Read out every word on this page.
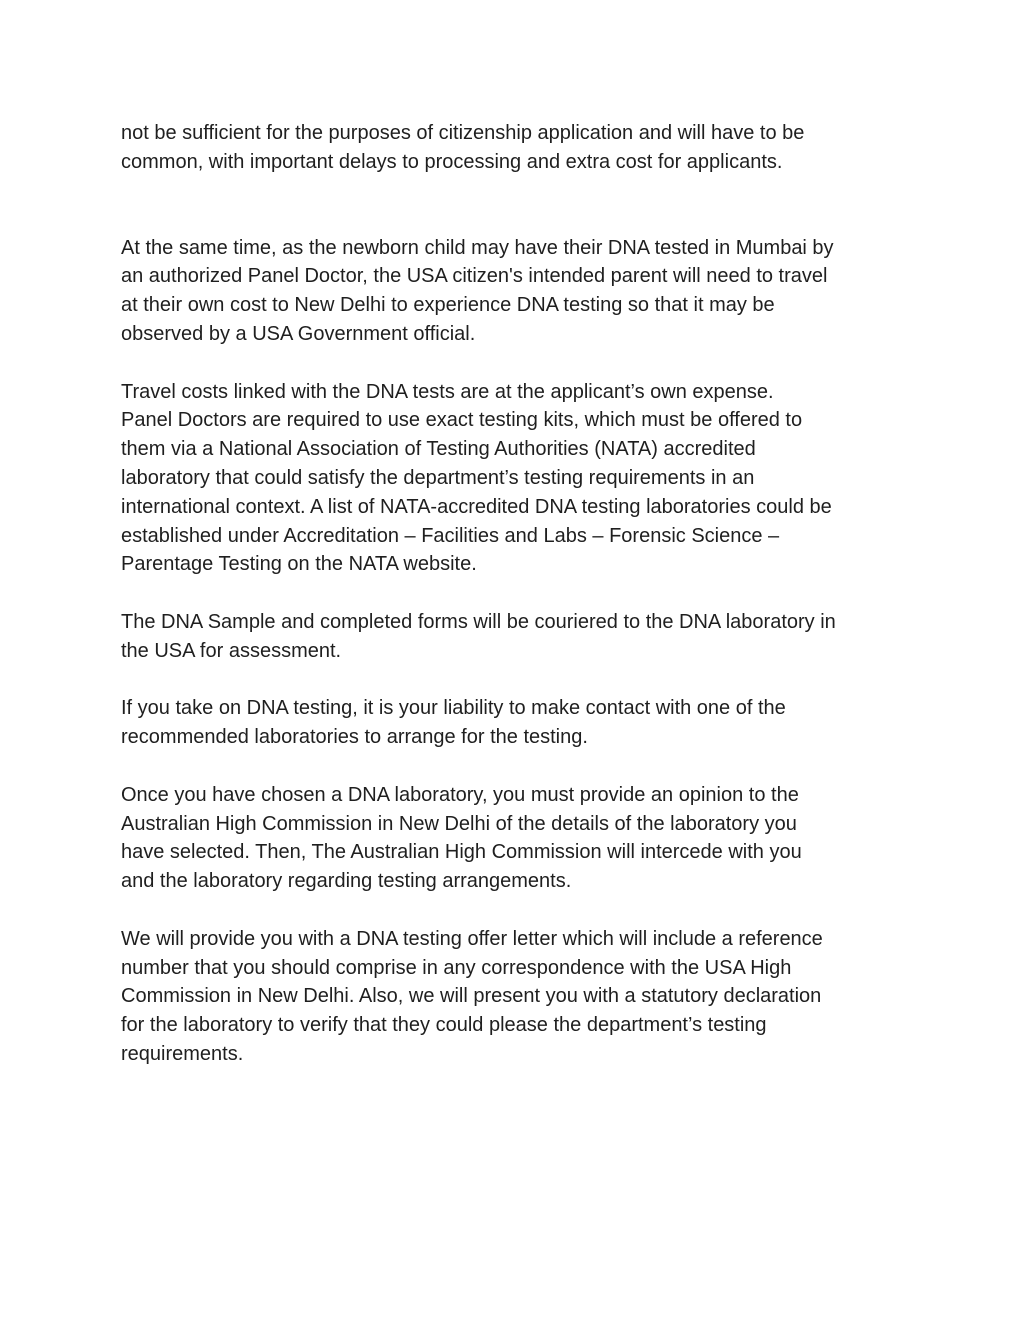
not be sufficient for the purposes of citizenship application and will have to be
common, with important delays to processing and extra cost for applicants.

At the same time, as the newborn child may have their DNA tested in Mumbai by
an authorized Panel Doctor, the USA citizen's intended parent will need to travel
at their own cost to New Delhi to experience DNA testing so that it may be
observed by a USA Government official.

Travel costs linked with the DNA tests are at the applicant’s own expense.
Panel Doctors are required to use exact testing kits, which must be offered to
them via a National Association of Testing Authorities (NATA) accredited
laboratory that could satisfy the department’s testing requirements in an
international context. A list of NATA-accredited DNA testing laboratories could be
established under Accreditation – Facilities and Labs – Forensic Science –
Parentage Testing on the NATA website.

The DNA Sample and completed forms will be couriered to the DNA laboratory in
the USA for assessment.

If you take on DNA testing, it is your liability to make contact with one of the
recommended laboratories to arrange for the testing.

Once you have chosen a DNA laboratory, you must provide an opinion to the
Australian High Commission in New Delhi of the details of the laboratory you
have selected. Then, The Australian High Commission will intercede with you
and the laboratory regarding testing arrangements.

We will provide you with a DNA testing offer letter which will include a reference
number that you should comprise in any correspondence with the USA High
Commission in New Delhi. Also, we will present you with a statutory declaration
for the laboratory to verify that they could please the department’s testing
requirements.
